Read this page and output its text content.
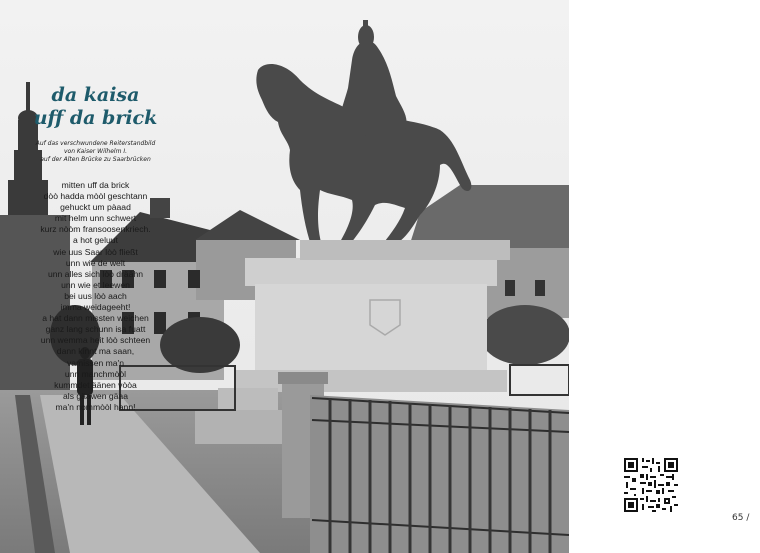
da kaisa
uff da brick
Auf das verschwundene Reiterstandbild
von Kaiser Wilhelm I.
auf der Alten Brücke zu Saarbrücken
mitten uff da brick
dòò hadda mòòl geschtann
gehuckt um pàaad
mit helm unn schwert
kurz nòòm fransoosenkriech.
a hot geluut
wie uus Saar lòò fließt
unn wie de welt
unn alles sich lòò dräähn
unn wie et leewen
bei uus lòò aach
imma weidageeht!
a hat dann missten weichen
ganz lang schunn isa fuatt
unn wemma heit lòò schteen
dann kinnt ma saan,
vamissen ma'n
unn manchmòòl
kummdet äänen vòòa
als gäawen gäaa
ma'n nommòòl hann!
65 /
